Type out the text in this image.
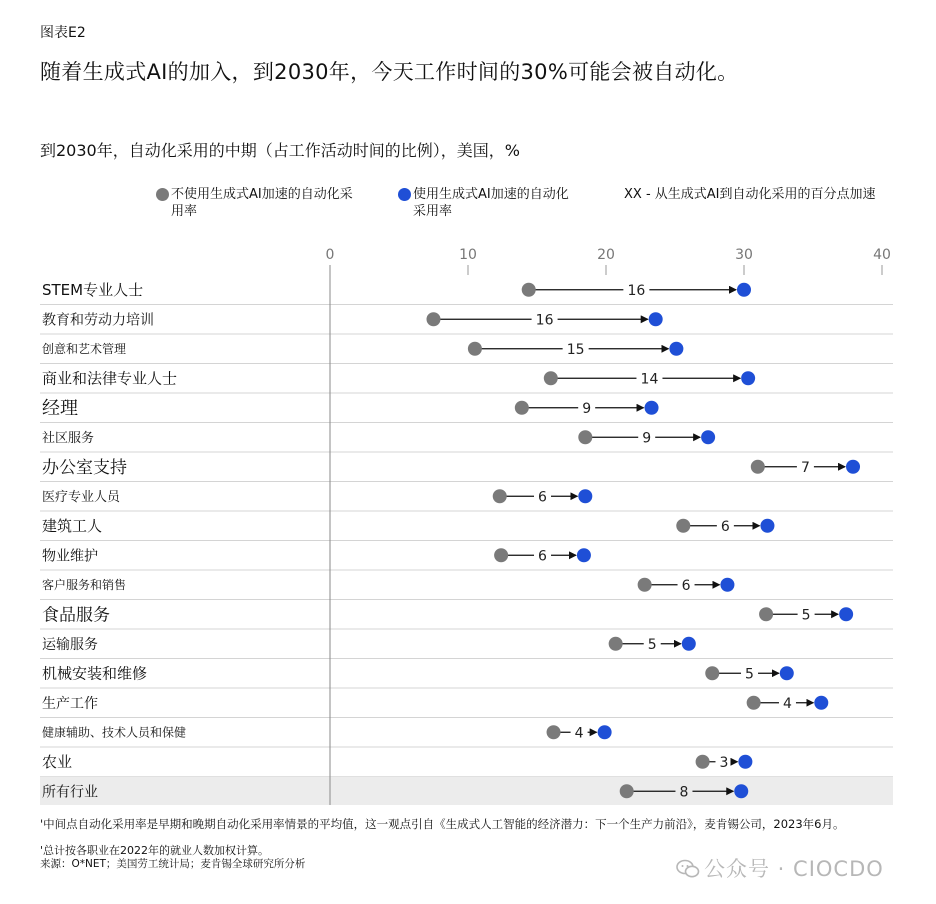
图表E2
随着生成式AI的加入，到2030年，今天工作时间的30%可能会被自动化。
到2030年，自动化采用的中期（占工作活动时间的比例），美国，%
不使用生成式AI加速的自动化采
用率
使用生成式AI加速的自动化
采用率
XX - 从生成式AI到自动化采用的百分点加速
STEM专业人士	16
教育和劳动力培训	16
创意和艺术管理	15
商业和法律专业人士	14
经理	9
社区服务	9
办公室支持	7
医疗专业人员	6
建筑工人	6
物业维护	6
客户服务和销售	6
食品服务	5
运输服务	5
机械安装和维修	5
生产工作	4
健康辅助、技术人员和保健	4
农业	3
所有行业	8
0	10	20	30	40
'中间点自动化采用率是早期和晚期自动化采用率情景的平均值，这一观点引自《生成式人工智能的经济潜力：下一个生产力前沿》，麦肯锡公司，2023年6月。
'总计按各职业在2022年的就业人数加权计算。
来源：O*NET；美国劳工统计局；麦肯锡全球研究所分析	公众号 · CIOCDO
